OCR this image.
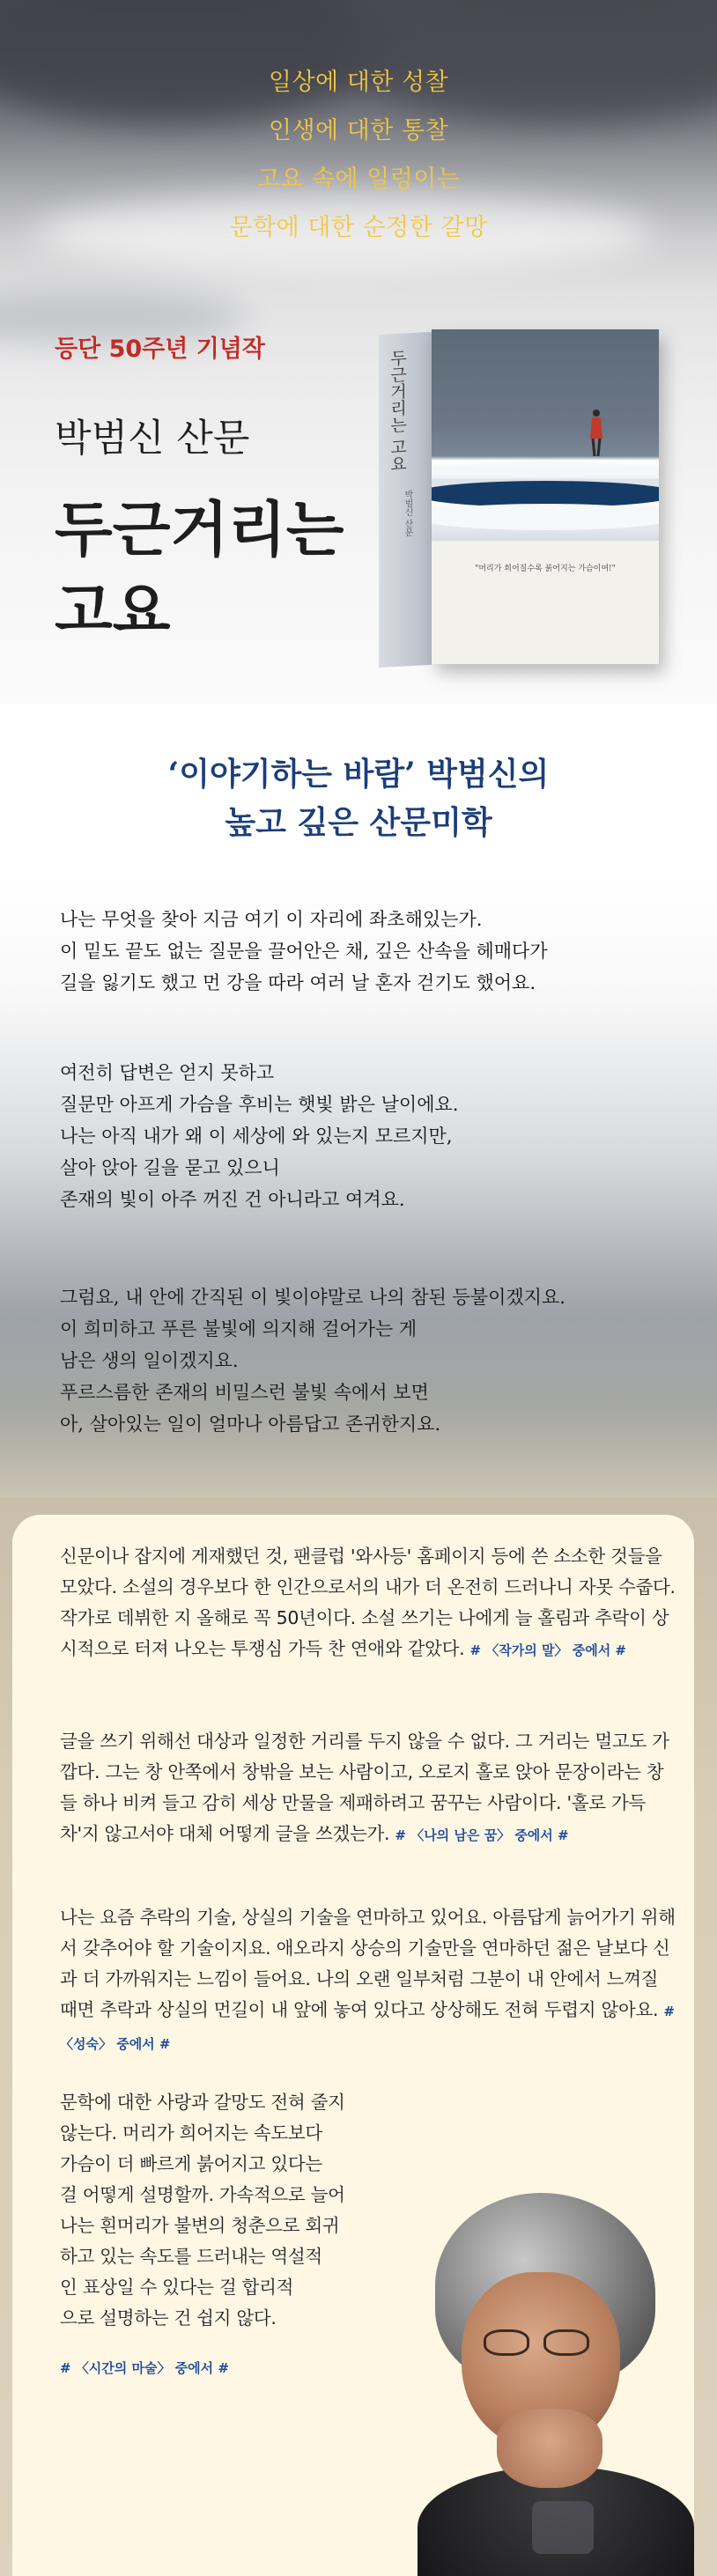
일상에 대한 성찰
인생에 대한 통찰
고요 속에 일렁이는
문학에 대한 순정한 갈망
등단 50주년 기념작
박범신 산문
두근거리는
고요
두근거리는 고요
박범신 산문
"머리가 희어질수록 붉어지는 가슴이여!"
‘이야기하는 바람’ 박범신의
높고 깊은 산문미학
나는 무엇을 찾아 지금 여기 이 자리에 좌초해있는가.
이 밑도 끝도 없는 질문을 끌어안은 채, 깊은 산속을 헤매다가
길을 잃기도 했고 먼 강을 따라 여러 날 혼자 걷기도 했어요.
여전히 답변은 얻지 못하고
질문만 아프게 가슴을 후비는 햇빛 밝은 날이에요.
나는 아직 내가 왜 이 세상에 와 있는지 모르지만,
살아 앉아 길을 묻고 있으니
존재의 빛이 아주 꺼진 건 아니라고 여겨요.
그럼요, 내 안에 간직된 이 빛이야말로 나의 참된 등불이겠지요.
이 희미하고 푸른 불빛에 의지해 걸어가는 게
남은 생의 일이겠지요.
푸르스름한 존재의 비밀스런 불빛 속에서 보면
아, 살아있는 일이 얼마나 아름답고 존귀한지요.
신문이나 잡지에 게재했던 것, 팬클럽 '와사등' 홈페이지 등에 쓴 소소한 것들을 모았다. 소설의 경우보다 한 인간으로서의 내가 더 온전히 드러나니 자못 수줍다. 작가로 데뷔한 지 올해로 꼭 50년이다. 소설 쓰기는 나에게 늘 홀림과 추락이 상시적으로 터져 나오는 투쟁심 가득 찬 연애와 같았다. # 〈작가의 말〉 중에서 #
글을 쓰기 위해선 대상과 일정한 거리를 두지 않을 수 없다. 그 거리는 멀고도 가깝다. 그는 창 안쪽에서 창밖을 보는 사람이고, 오로지 홀로 앉아 문장이라는 창들 하나 비켜 들고 감히 세상 만물을 제패하려고 꿈꾸는 사람이다. '홀로 가득 차'지 않고서야 대체 어떻게 글을 쓰겠는가. # 〈나의 남은 꿈〉 중에서 #
나는 요즘 추락의 기술, 상실의 기술을 연마하고 있어요. 아름답게 늙어가기 위해서 갖추어야 할 기술이지요. 애오라지 상승의 기술만을 연마하던 젊은 날보다 신과 더 가까워지는 느낌이 들어요. 나의 오랜 일부처럼 그분이 내 안에서 느껴질 때면 추락과 상실의 먼길이 내 앞에 놓여 있다고 상상해도 전혀 두렵지 않아요. # 〈성숙〉 중에서 #
문학에 대한 사랑과 갈망도 전혀 줄지
않는다. 머리가 희어지는 속도보다
가슴이 더 빠르게 붉어지고 있다는
걸 어떻게 설명할까. 가속적으로 늘어
나는 흰머리가 불변의 청춘으로 회귀
하고 있는 속도를 드러내는 역설적
인 표상일 수 있다는 걸 합리적
으로 설명하는 건 쉽지 않다.
# 〈시간의 마술〉 중에서 #
